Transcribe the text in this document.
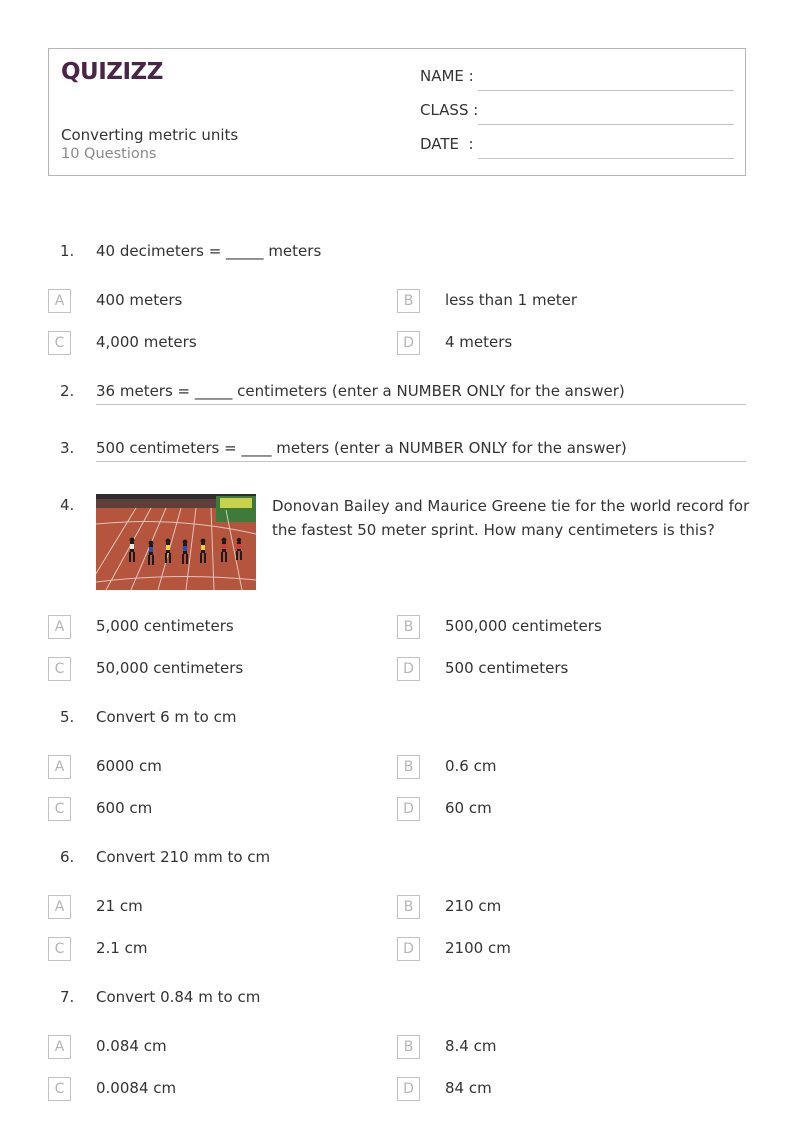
QUIZIZZ
Converting metric units
10 Questions
NAME :
CLASS :
DATE  :
1. 40 decimeters = _____ meters
A	400 meters	B	less than 1 meter
C	4,000 meters	D	4 meters
2. 36 meters = _____ centimeters (enter a NUMBER ONLY for the answer)
3. 500 centimeters = ____ meters (enter a NUMBER ONLY for the answer)
4.	Donovan Bailey and Maurice Greene tie for the world record for the fastest 50 meter sprint. How many centimeters is this?
A	5,000 centimeters	B	500,000 centimeters
C	50,000 centimeters	D	500 centimeters
5. Convert 6 m to cm
A	6000 cm	B	0.6 cm
C	600 cm	D	60 cm
6. Convert 210 mm to cm
A	21 cm	B	210 cm
C	2.1 cm	D	2100 cm
7. Convert 0.84 m to cm
A	0.084 cm	B	8.4 cm
C	0.0084 cm	D	84 cm
